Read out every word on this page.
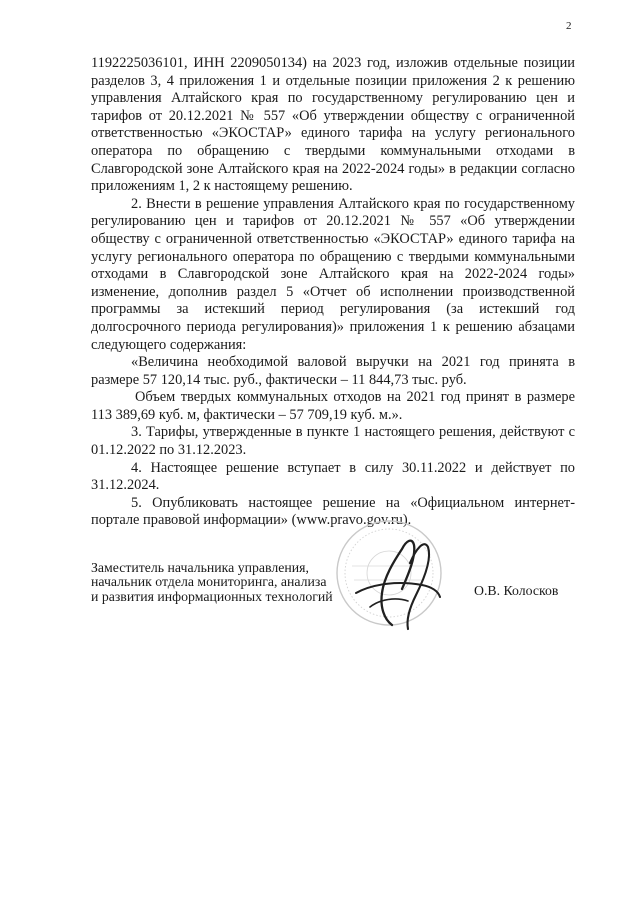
2

1192225036101, ИНН 2209050134) на 2023 год, изложив отдельные позиции разделов 3, 4 приложения 1 и отдельные позиции приложения 2 к решению управления Алтайского края по государственному регулированию цен и тарифов от 20.12.2021 № 557 «Об утверждении обществу с ограниченной ответственностью «ЭКОСТАР» единого тарифа на услугу регионального оператора по обращению с твердыми коммунальными отходами в Славгородской зоне Алтайского края на 2022-2024 годы» в редакции согласно приложениям 1, 2 к настоящему решению.

2. Внести в решение управления Алтайского края по государственному регулированию цен и тарифов от 20.12.2021 № 557 «Об утверждении обществу с ограниченной ответственностью «ЭКОСТАР» единого тарифа на услугу регионального оператора по обращению с твердыми коммунальными отходами в Славгородской зоне Алтайского края на 2022-2024 годы» изменение, дополнив раздел 5 «Отчет об исполнении производственной программы за истекший период регулирования (за истекший год долгосрочного периода регулирования)» приложения 1 к решению абзацами следующего содержания:

«Величина необходимой валовой выручки на 2021 год принята в размере 57 120,14 тыс. руб., фактически – 11 844,73 тыс. руб.

Объем твердых коммунальных отходов на 2021 год принят в размере 113 389,69 куб. м, фактически – 57 709,19 куб. м.».

3. Тарифы, утвержденные в пункте 1 настоящего решения, действуют с 01.12.2022 по 31.12.2023.

4. Настоящее решение вступает в силу 30.11.2022 и действует по 31.12.2024.

5. Опубликовать настоящее решение на «Официальном интернет-портале правовой информации» (www.pravo.gov.ru).

Заместитель начальника управления,
начальник отдела мониторинга, анализа
и развития информационных технологий	О.В. Колосков
